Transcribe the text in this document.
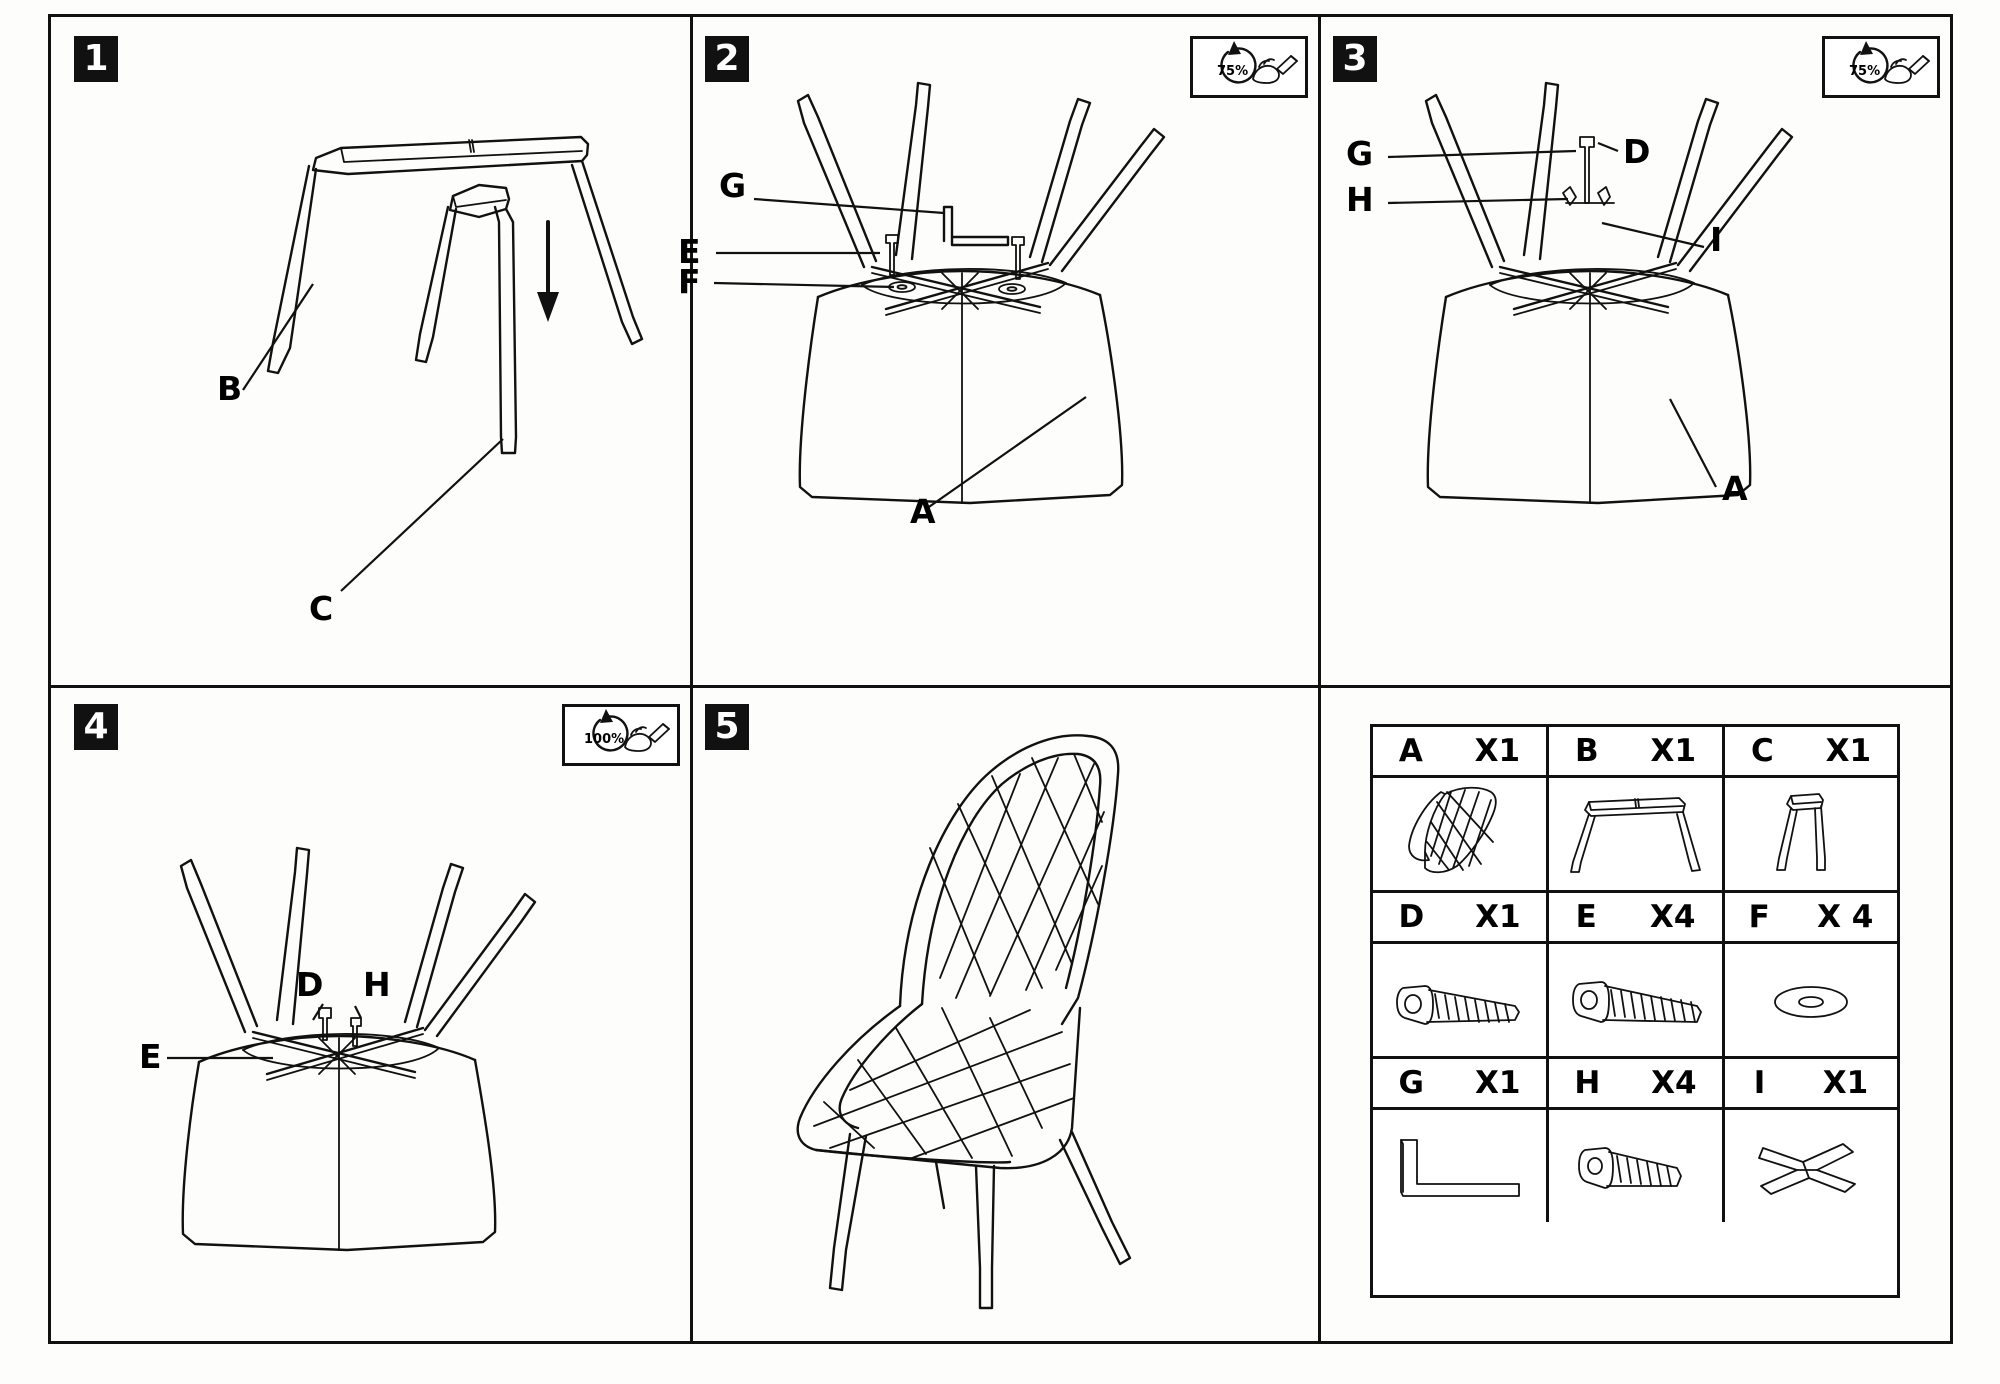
1
B
C
2	75%
G
E
F
A
3	75%
G
H
D
I
A
4	100%
E
D H
5
A X1 B X1 C X1
D X1 E X4 F X 4
G X1 H X4 I X1
